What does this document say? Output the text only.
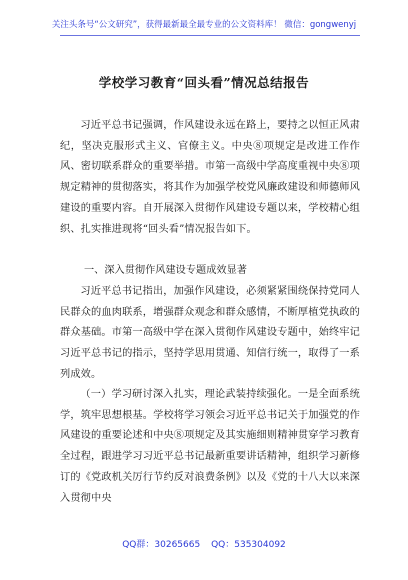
关注头条号“公文研究”，获得最新最全最专业的公文资料库！ 微信：gongwenyj
学校学习教育“回头看”情况总结报告
习近平总书记强调，作风建设永远在路上，要持之以恒正风肃纪，坚决克服形式主义、官僚主义。中央⑧项规定是改进工作作风、密切联系群众的重要举措。市第一高级中学高度重视中央⑧项规定精神的贯彻落实，将其作为加强学校党风廉政建设和师德师风建设的重要内容。自开展深入贯彻作风建设专题以来，学校精心组织、扎实推进现将“回头看”情况报告如下。
一、深入贯彻作风建设专题成效显著
习近平总书记指出，加强作风建设，必须紧紧围绕保持党同人民群众的血肉联系，增强群众观念和群众感情，不断厚植党执政的群众基础。市第一高级中学在深入贯彻作风建设专题中，始终牢记习近平总书记的指示，坚持学思用贯通、知信行统一，取得了一系列成效。
（一）学习研讨深入扎实，理论武装持续强化。一是全面系统学，筑牢思想根基。学校将学习领会习近平总书记关于加强党的作风建设的重要论述和中央⑧项规定及其实施细则精神贯穿学习教育全过程，跟进学习习近平总书记最新重要讲话精神，组织学习新修订的《党政机关厉行节约反对浪费条例》以及《党的十八大以来深入贯彻中央
QQ群：30265665 QQ：535304092
